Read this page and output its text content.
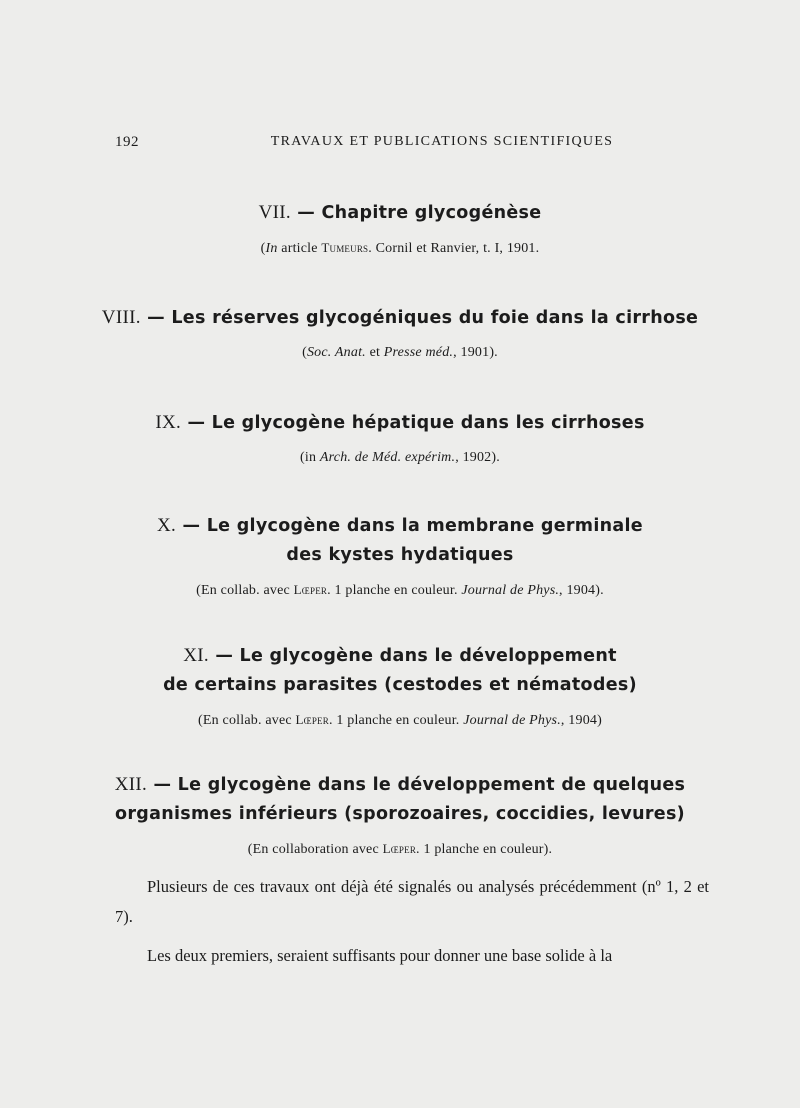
192	TRAVAUX ET PUBLICATIONS SCIENTIFIQUES

VII. — Chapitre glycogénèse

(In article Tumeurs. Cornil et Ranvier, t. I, 1901.

VIII. — Les réserves glycogéniques du foie dans la cirrhose

(Soc. Anat. et Presse méd., 1901).

IX. — Le glycogène hépatique dans les cirrhoses

(in Arch. de Méd. expérim., 1902).

X. — Le glycogène dans la membrane germinale
des kystes hydatiques

(En collab. avec Lœper. 1 planche en couleur. Journal de Phys., 1904).

XI. — Le glycogène dans le développement
de certains parasites (cestodes et nématodes)

(En collab. avec Lœper. 1 planche en couleur. Journal de Phys., 1904)

XII. — Le glycogène dans le développement de quelques
organismes inférieurs (sporozoaires, coccidies, levures)

(En collaboration avec Lœper. 1 planche en couleur).

Plusieurs de ces travaux ont déjà été signalés ou analysés précédemment (nº 1, 2 et 7).

Les deux premiers, seraient suffisants pour donner une base solide à la
